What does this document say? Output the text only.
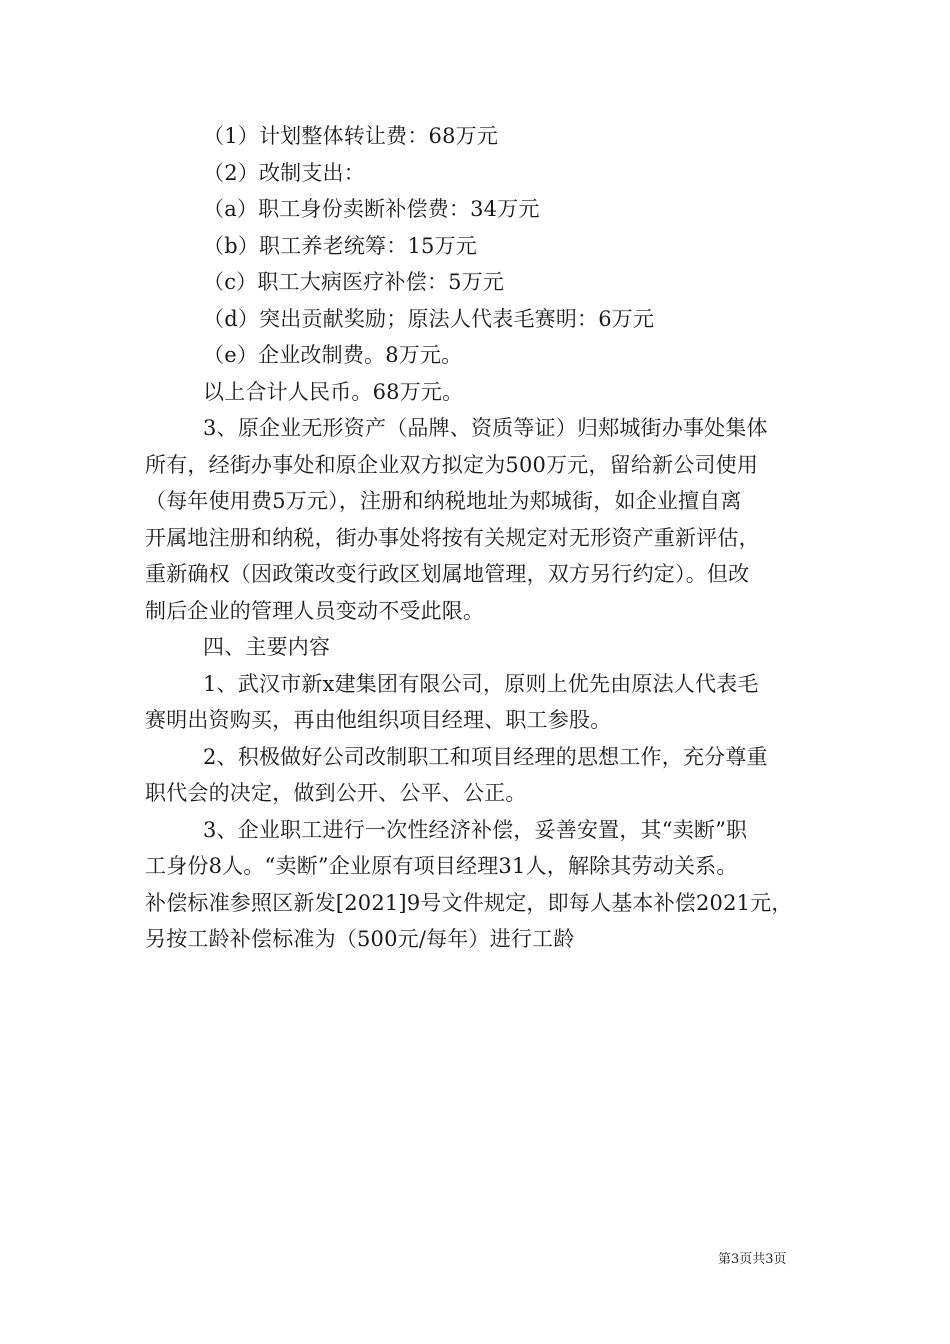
（1）计划整体转让费：68万元
（2）改制支出：
（a）职工身份卖断补偿费：34万元
（b）职工养老统筹：15万元
（c）职工大病医疗补偿：5万元
（d）突出贡献奖励；原法人代表毛赛明：6万元
（e）企业改制费。8万元。
以上合计人民币。68万元。
3、原企业无形资产（品牌、资质等证）归郏城街办事处集体
所有，经街办事处和原企业双方拟定为500万元，留给新公司使用
（每年使用费5万元），注册和纳税地址为郏城街，如企业擅自离
开属地注册和纳税，街办事处将按有关规定对无形资产重新评估，
重新确权（因政策改变行政区划属地管理，双方另行约定）。但改
制后企业的管理人员变动不受此限。
四、主要内容
1、武汉市新x建集团有限公司，原则上优先由原法人代表毛
赛明出资购买，再由他组织项目经理、职工参股。
2、积极做好公司改制职工和项目经理的思想工作，充分尊重
职代会的决定，做到公开、公平、公正。
3、企业职工进行一次性经济补偿，妥善安置，其“卖断”职
工身份8人。“卖断”企业原有项目经理31人，解除其劳动关系。
补偿标准参照区新发[2021]9号文件规定，即每人基本补偿2021元，
另按工龄补偿标准为（500元/每年）进行工龄
第3页共3页
